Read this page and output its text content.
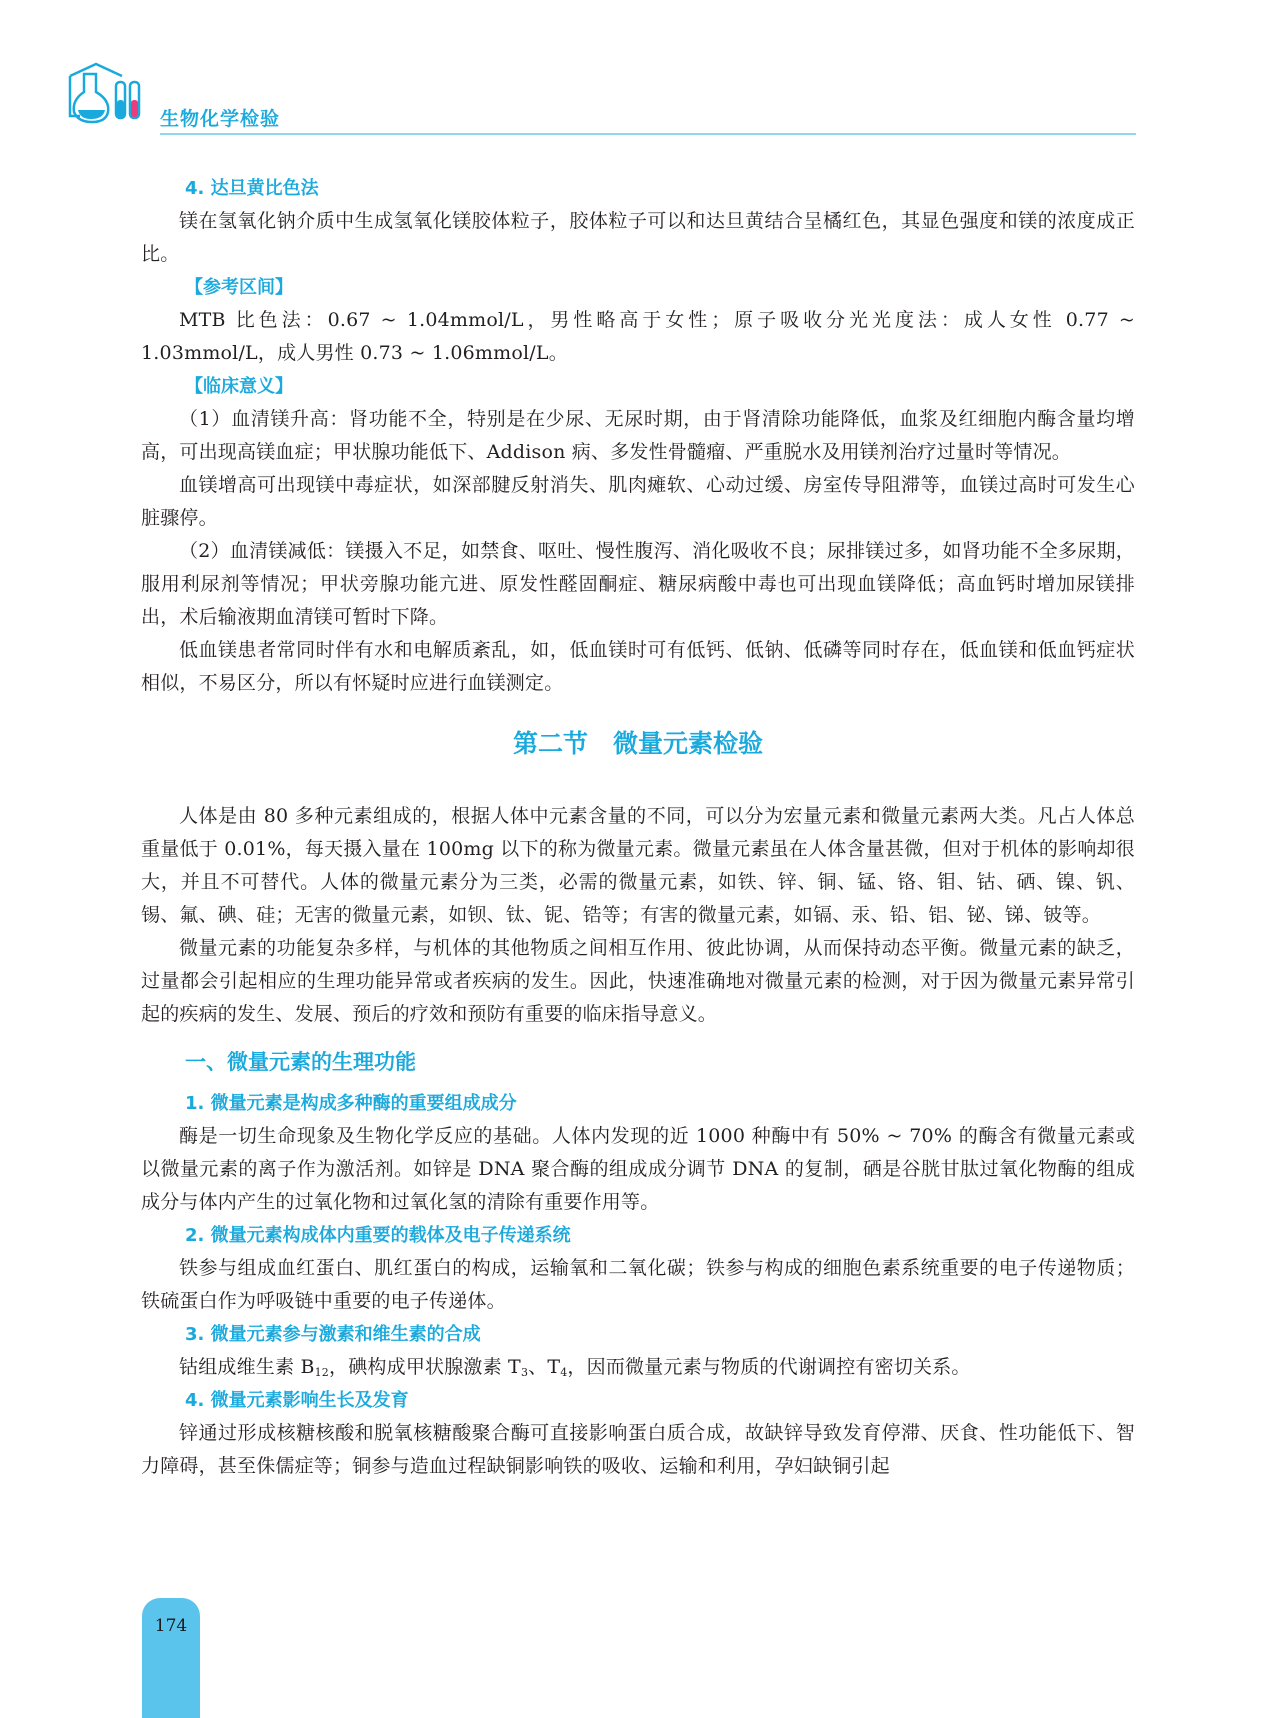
生物化学检验

4. 达旦黄比色法

镁在氢氧化钠介质中生成氢氧化镁胶体粒子，胶体粒子可以和达旦黄结合呈橘红色，其显色强度和镁的浓度成正比。

【参考区间】

MTB 比色法：0.67 ~ 1.04mmol/L，男性略高于女性；原子吸收分光光度法：成人女性 0.77 ~ 1.03mmol/L，成人男性 0.73 ~ 1.06mmol/L。

【临床意义】

（1）血清镁升高：肾功能不全，特别是在少尿、无尿时期，由于肾清除功能降低，血浆及红细胞内酶含量均增高，可出现高镁血症；甲状腺功能低下、Addison 病、多发性骨髓瘤、严重脱水及用镁剂治疗过量时等情况。

血镁增高可出现镁中毒症状，如深部腱反射消失、肌肉瘫软、心动过缓、房室传导阻滞等，血镁过高时可发生心脏骤停。

（2）血清镁减低：镁摄入不足，如禁食、呕吐、慢性腹泻、消化吸收不良；尿排镁过多，如肾功能不全多尿期，服用利尿剂等情况；甲状旁腺功能亢进、原发性醛固酮症、糖尿病酸中毒也可出现血镁降低；高血钙时增加尿镁排出，术后输液期血清镁可暂时下降。

低血镁患者常同时伴有水和电解质紊乱，如，低血镁时可有低钙、低钠、低磷等同时存在，低血镁和低血钙症状相似，不易区分，所以有怀疑时应进行血镁测定。

第二节　微量元素检验

人体是由 80 多种元素组成的，根据人体中元素含量的不同，可以分为宏量元素和微量元素两大类。凡占人体总重量低于 0.01%，每天摄入量在 100mg 以下的称为微量元素。微量元素虽在人体含量甚微，但对于机体的影响却很大，并且不可替代。人体的微量元素分为三类，必需的微量元素，如铁、锌、铜、锰、铬、钼、钴、硒、镍、钒、锡、氟、碘、硅；无害的微量元素，如钡、钛、铌、锆等；有害的微量元素，如镉、汞、铅、铝、铋、锑、铍等。

微量元素的功能复杂多样，与机体的其他物质之间相互作用、彼此协调，从而保持动态平衡。微量元素的缺乏，过量都会引起相应的生理功能异常或者疾病的发生。因此，快速准确地对微量元素的检测，对于因为微量元素异常引起的疾病的发生、发展、预后的疗效和预防有重要的临床指导意义。

一、微量元素的生理功能

1. 微量元素是构成多种酶的重要组成成分

酶是一切生命现象及生物化学反应的基础。人体内发现的近 1000 种酶中有 50% ~ 70% 的酶含有微量元素或以微量元素的离子作为激活剂。如锌是 DNA 聚合酶的组成成分调节 DNA 的复制，硒是谷胱甘肽过氧化物酶的组成成分与体内产生的过氧化物和过氧化氢的清除有重要作用等。

2. 微量元素构成体内重要的载体及电子传递系统

铁参与组成血红蛋白、肌红蛋白的构成，运输氧和二氧化碳；铁参与构成的细胞色素系统重要的电子传递物质；铁硫蛋白作为呼吸链中重要的电子传递体。

3. 微量元素参与激素和维生素的合成

钴组成维生素 $B_{12}$，碘构成甲状腺激素 $T_3$、$T_4$，因而微量元素与物质的代谢调控有密切关系。

4. 微量元素影响生长及发育

锌通过形成核糖核酸和脱氧核糖酸聚合酶可直接影响蛋白质合成，故缺锌导致发育停滞、厌食、性功能低下、智力障碍，甚至侏儒症等；铜参与造血过程缺铜影响铁的吸收、运输和利用，孕妇缺铜引起

174
